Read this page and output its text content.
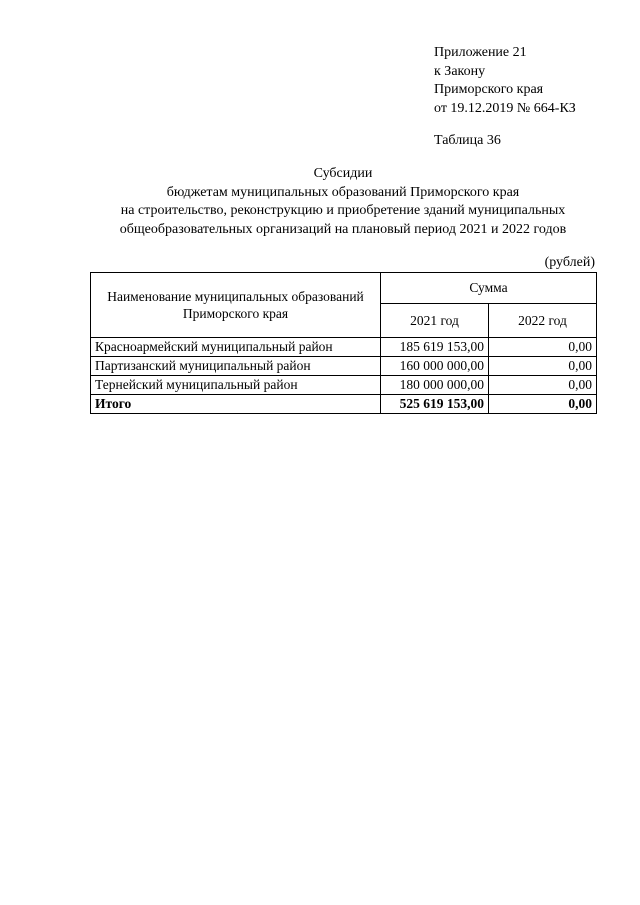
Приложение 21
к Закону
Приморского края
от 19.12.2019 № 664-КЗ
Таблица 36
Субсидии
бюджетам муниципальных образований Приморского края
на строительство, реконструкцию и приобретение зданий муниципальных
общеобразовательных организаций на плановый период 2021 и 2022 годов
(рублей)
Наименование муниципальных образований Приморского края	Сумма	
	2021 год	2022 год
Красноармейский муниципальный район	185 619 153,00	0,00
Партизанский муниципальный район	160 000 000,00	0,00
Тернейский муниципальный район	180 000 000,00	0,00
Итого	525 619 153,00	0,00
